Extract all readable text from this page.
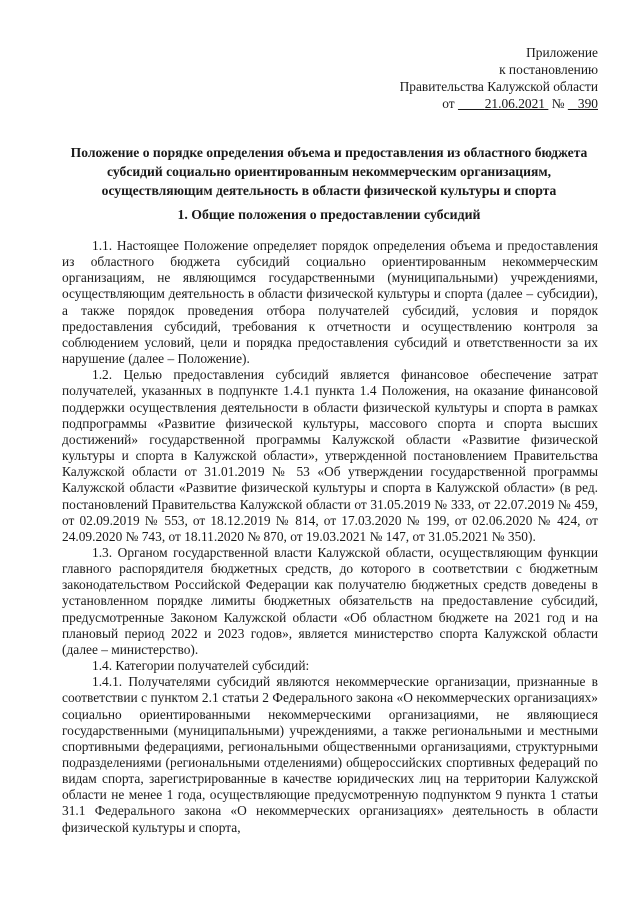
Приложение
к постановлению
Правительства Калужской области
от 21.06.2021 № 390
Положение о порядке определения объема и предоставления из областного бюджета
субсидий социально ориентированным некоммерческим организациям,
осуществляющим деятельность в области физической культуры и спорта
1. Общие положения о предоставлении субсидий

1.1. Настоящее Положение определяет порядок определения объема и предоставления из областного бюджета субсидий социально ориентированным некоммерческим организациям, не являющимся государственными (муниципальными) учреждениями, осуществляющим деятельность в области физической культуры и спорта (далее – субсидии), а также порядок проведения отбора получателей субсидий, условия и порядок предоставления субсидий, требования к отчетности и осуществлению контроля за соблюдением условий, цели и порядка предоставления субсидий и ответственности за их нарушение (далее – Положение).

1.2. Целью предоставления субсидий является финансовое обеспечение затрат получателей, указанных в подпункте 1.4.1 пункта 1.4 Положения, на оказание финансовой поддержки осуществления деятельности в области физической культуры и спорта в рамках подпрограммы «Развитие физической культуры, массового спорта и спорта высших достижений» государственной программы Калужской области «Развитие физической культуры и спорта в Калужской области», утвержденной постановлением Правительства Калужской области от 31.01.2019 № 53 «Об утверждении государственной программы Калужской области «Развитие физической культуры и спорта в Калужской области» (в ред. постановлений Правительства Калужской области от 31.05.2019 № 333, от 22.07.2019 № 459, от 02.09.2019 № 553, от 18.12.2019 № 814, от 17.03.2020 № 199, от 02.06.2020 № 424, от 24.09.2020 № 743, от 18.11.2020 № 870, от 19.03.2021 № 147, от 31.05.2021 № 350).

1.3. Органом государственной власти Калужской области, осуществляющим функции главного распорядителя бюджетных средств, до которого в соответствии с бюджетным законодательством Российской Федерации как получателю бюджетных средств доведены в установленном порядке лимиты бюджетных обязательств на предоставление субсидий, предусмотренные Законом Калужской области «Об областном бюджете на 2021 год и на плановый период 2022 и 2023 годов», является министерство спорта Калужской области (далее – министерство).

1.4. Категории получателей субсидий:

1.4.1. Получателями субсидий являются некоммерческие организации, признанные в соответствии с пунктом 2.1 статьи 2 Федерального закона «О некоммерческих организациях» социально ориентированными некоммерческими организациями, не являющиеся государственными (муниципальными) учреждениями, а также региональными и местными спортивными федерациями, региональными общественными организациями, структурными подразделениями (региональными отделениями) общероссийских спортивных федераций по видам спорта, зарегистрированные в качестве юридических лиц на территории Калужской области не менее 1 года, осуществляющие предусмотренную подпунктом 9 пункта 1 статьи 31.1 Федерального закона «О некоммерческих организациях» деятельность в области физической культуры и спорта,
